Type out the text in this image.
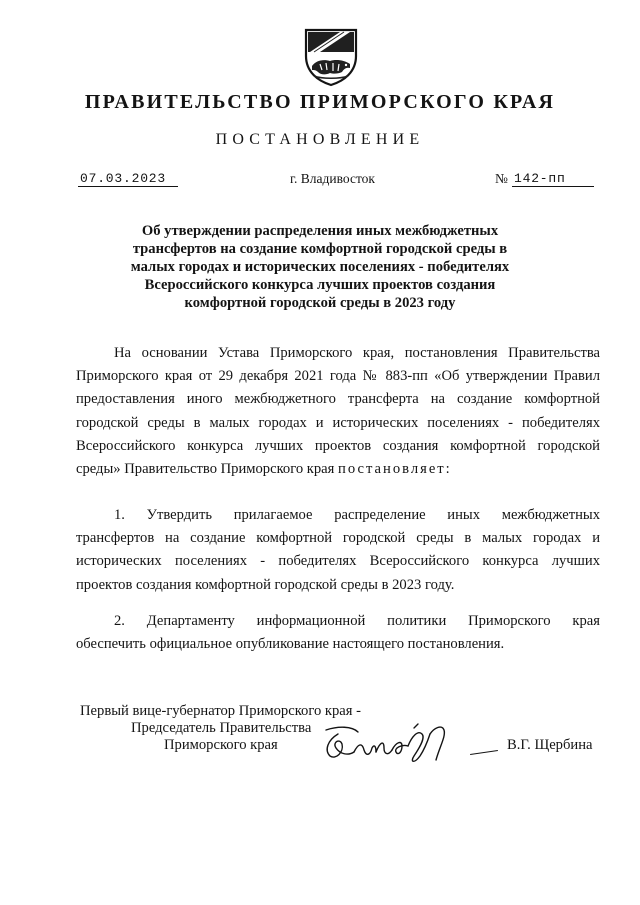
ПРАВИТЕЛЬСТВО ПРИМОРСКОГО КРАЯ
ПОСТАНОВЛЕНИЕ
07.03.2023	г. Владивосток	№ 142-пп
Об утверждении распределения иных межбюджетных
трансфертов на создание комфортной городской среды в
малых городах и исторических поселениях - победителях
Всероссийского конкурса лучших проектов создания
комфортной городской среды в 2023 году
На основании Устава Приморского края, постановления Правительства
Приморского края от 29 декабря 2021 года № 883-пп «Об утверждении Правил
предоставления иного межбюджетного трансферта на создание комфортной
городской среды в малых городах и исторических поселениях - победителях
Всероссийского конкурса лучших проектов создания комфортной городской
среды» Правительство Приморского края постановляет:
1. Утвердить прилагаемое распределение иных межбюджетных
трансфертов на создание комфортной городской среды в малых городах и
исторических поселениях - победителях Всероссийского конкурса лучших
проектов создания комфортной городской среды в 2023 году.
2. Департаменту информационной политики Приморского края
обеспечить официальное опубликование настоящего постановления.
Первый вице-губернатор Приморского края -
Председатель Правительства
Приморского края	В.Г. Щербина
